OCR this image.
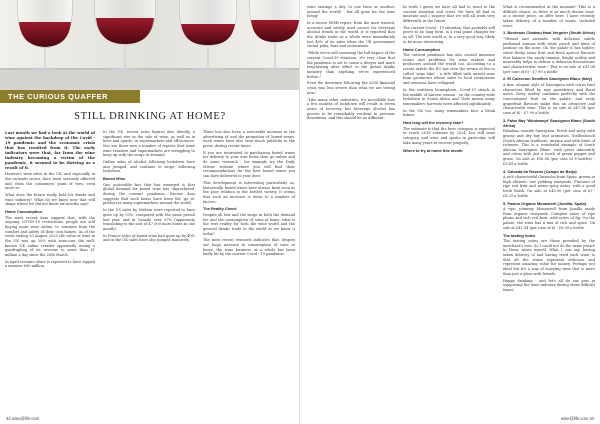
THE CURIOUS QUAFFER
STILL DRINKING AT HOME?

Last month we had a look at the world of wine against the backdrop of the Covid - 19 pandemic and the economic crisis that has resulted from it. The early indicators were that, far from the wine industry becoming a victim of the pandemic, it seemed to be thriving as a result of it.

However, wine sales in the UK, and especially in the on-trade sector, have been seriously affected and, from the consumers' point of view, even more so.

What does the future really hold for drinks and wine industry? What do we know now that will shape where we did not know six months ago?

Home Consumption

The most recent data suggest that, with the ongoing COVID-19 restrictions, people are still buying more wine online, to consume from the comfort and safety of their own homes. As of the week ending 30 August 2020 the value of wine in the UK was up 30% with wine.com the well-known UK online retailer apparently seeing a quadrupling of its revenue to more than £1 million a day since the 20th March.

In April revenue alone is reported to have topped a massive £60 million.

In the UK, recent sales figures also identify a significant rise in the sale of wine, as well as in beer and spirits, in supermarkets and off-licences. Nor are there now a number of reports that some wine retailers and supermarkets are struggling to keep up with the surge in demand.

Online sales of alcohol following lockdown have also jumped, and continue to surge, following lockdown.

Boxed Wine

One noticeable fact that has emerged is that global demand for boxed wine has 'skyrocketed' during the current pandemic. Recent data suggests that such boxes have been the 'go to' product in many supermarkets around the world.

In the US sales by Nielsen were reported to have gone up by 53%, compared with the same period last year, and in Canada over 37% (apparently translating to the sale of 47,000 more boxes in one month).

In France sales of boxed wine had gone up by 40% and in the UK sales have also jumped massively.

There has also been a noticeable increase in the advertising of, and the promotion of, boxed wines. Such wines have also seen much publicity in the press, during recent times.

If you are interested in purchasing boxed wines for delivery to your own home then go online and do some research - for example try the Daily Mirror website where you will find their recommendations for the best boxed wines you can have delivered to your door.

This development is interesting particularly as, historically, boxed wines have always been seen as the poor relation to the bottled variety. It seems that such an increase is down to a number of factors.

The Reality Check

Despite all this and the surge in both the demand for, and the consumption of, wine at home, what is the true reality for both the wine world and the general drinks trade in the world as we know it today?

The most recent research indicates that, despite our huge increase in consumption of wine at home, the wine business as a whole has been badly hit by the current Covid - 19 pandemic.

32 wine@life.com

wine tastings a day, to one from or another, around the world) - but all gone for the time being!

In a recent IWSR report, from the most trusted, accurate and widely used source for beverage alcohol trends in the world, it is reported that the drinks trade as a whole were immediately lost 40% of its sales when the UK government closed pubs, bars and restaurants.

"While we're still assessing the full impact of the current Covid-19 situation, it's very clear that the pandemic is set to cause a deeper and more long-lasting after effect to the global drinks industry than anything we've experienced before."

Even the downturn following the 2008 financial crisis was less severe than what we are seeing now."

"Like many other industries, it's incredible how a few months of lockdown will result in seven years of recovery, but beverage alcohol has proven to be remarkably resilient in previous downturns, and this should be no different.

In truth I guess we have all had to react to the current situation and crisis. We have all had to innovate and I suspect that we will all work very differently in the future.

The current Covid - 19 situation, that probably will prove to be long term, is a real game changer for us all. The new world is, in a very good way, likely to be more interesting.

Home Consumption

The current pandemic has also caused immense issues and problems for wine makers and producers around the world too. According to a recent article the EU has seen the return of the so called 'wine lake' - a title filled with unsold wine from producers whose sales to local restaurants and overseas have collapsed.

In the southern hemisphere, Covid-19 struck in the middle of harvest season - so the country-wide lockdown in South Africa and Chile means many winemakers' harvests were affected significantly.

In the UK too, many winemakers face a bleak future.

How long will the recovery take?

The estimate is that the beer category is expected to reach 2019 volumes by 2024, but still wine category, and wine and spirits in particular, will take many years to recover properly.

Where to try at home this month

What is recommended at the moment? This is a difficult choice, as there is so much decent wine, at a decent price, on offer here. I have recently taken delivery of a number of wines. Included were:

1. Bordeaux Chateau Haut Vergnier (South Africa)

"Vibrant and aromatic with delicious subtle perfumed aromas with white peach and hints of jasmine on the nose. On the palate it has lighter, white fleshy stone fruit and fresh apricot flavours that balance the sandy tannins. Bright acidity and minerality helps to deliver a delicious flavoursome and characteristic wine." This is on sale at £47.94 (per case of 6) - £7.99 a bottle.

2. El Coleccion Semillon Sauvignon Blanc (Italy)

A fine, elegant style of Sauvignon with citrus fruit characters lifted by ripe gooseberry and floral notes. Zesty acidity combines perfectly with the concentrated fruit on the palate, and zesty grapefruit flavours make this an attractive and characterful wine. This is on sale at £47.94 (per case of 6) - £7.99 a bottle.

3. False Bay 'Windswept' Sauvignon Blanc (South Africa)

Fabulous seaside Sauvignon. Fresh and zesty with grassy and dry bay leaf aromatics. Stellenbosch (South African tradition), intense and with hints of richness. This is a wonderful example of South African Sauvignon Blanc, with great minerality and citrus with just a touch of green pepper and grass. On sale at £56.94 (per case of 6 bottles) - £9.49 a bottle.

4. Calcada do Rovens (Campo de Borja)

A rich characterful Garnacha from Spain, grown at high altitude, low yielding vineyards. Flavours of ripe red fruit and warm spicy notes, with a good fresh finish. On sale at £49.50 (per case of 6) - £8.25 a bottle.

5. Pasion Organic Monastrell (Jumilla, Spain)

A ripe, plummy Monastrell from Jumilla made from organic vineyards. Complex notes of ripe plums and rich red fruit, with notes of fig. On the palate, the wine has a mix of rich and spice. On sale at £41.94 (per case of 6) - £6.99 a bottle.

The tasting notes

The tasting notes are those provided by the merchant's own. So I could not do the same justice to these wines myself. What I can say, having taken delivery of and having tried each wine, is that all the wines represent delicious and represent amazing value for money. Perhaps not ideal but it's a way of enjoying wine that is more than just a glass with friends.

Happy drinking - and let's all do our part in supporting the wine industry during these difficult times!

wine@life.com 33
